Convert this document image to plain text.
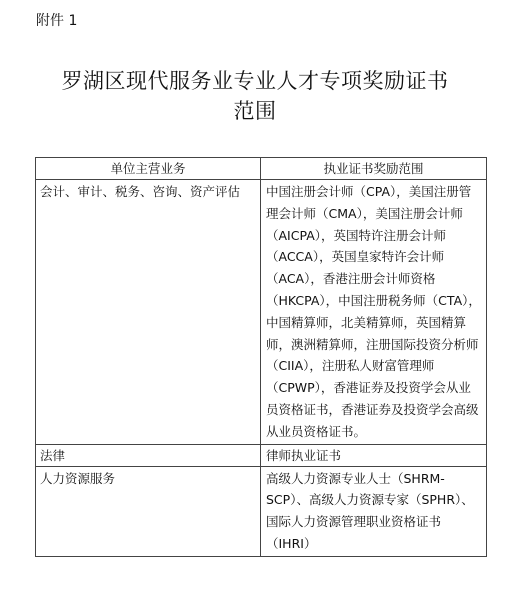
附件 1
罗湖区现代服务业专业人才专项奖励证书
范围
单位主营业务	执业证书奖励范围
会计、审计、税务、咨询、资产评估	中国注册会计师（CPA），美国注册管理会计师（CMA），美国注册会计师（AICPA），英国特许注册会计师（ACCA），英国皇家特许会计师（ACA），香港注册会计师资格（HKCPA），中国注册税务师（CTA），中国精算师，北美精算师，英国精算师，澳洲精算师，注册国际投资分析师（CIIA），注册私人财富管理师（CPWP），香港证券及投资学会从业员资格证书，香港证券及投资学会高级从业员资格证书。
法律	律师执业证书
人力资源服务	高级人力资源专业人士（SHRM-SCP）、高级人力资源专家（SPHR）、国际人力资源管理职业资格证书（IHRI）
